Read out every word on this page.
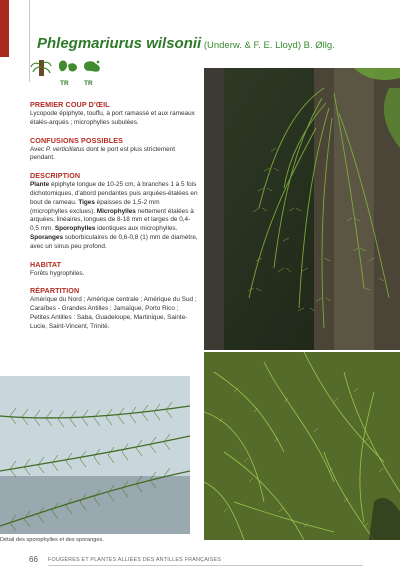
Phlegmariurus wilsonii (Underw. & F. E. Lloyd) B. Øllg.
TR TR
PREMIER COUP D'ŒIL
Lycopode épiphyte, touffu, à port ramassé et aux rameaux étalés-arqués ; microphylles subulées.
CONFUSIONS POSSIBLES
Avec P. verticillatus dont le port est plus strictement pendant.
DESCRIPTION
Plante épiphyte longue de 10-25 cm, à branches 1 à 5 fois dichotomiques, d'abord pendantes puis arquées-étalées en bout de rameau. Tiges épaisses de 1,5-2 mm (microphylles exclues). Microphylles nettement étalées à arquées, linéaires, longues de 8-18 mm et larges de 0,4-0,5 mm. Sporophylles identiques aux microphylles. Sporanges suborbiculaires de 0,6-0,8 (1) mm de diamètre, avec un sinus peu profond.
HABITAT
Forêts hygrophiles.
RÉPARTITION
Amérique du Nord ; Amérique centrale ; Amérique du Sud ; Caraïbes - Grandes Antilles : Jamaïque, Porto Rico ; Petites Antilles : Saba, Guadeloupe, Martinique, Sainte-Lucie, Saint-Vincent, Trinité.
Détail des sporophylles et des sporanges.
66 FOUGÈRES ET PLANTES ALLIÉES DES ANTILLES FRANÇAISES
